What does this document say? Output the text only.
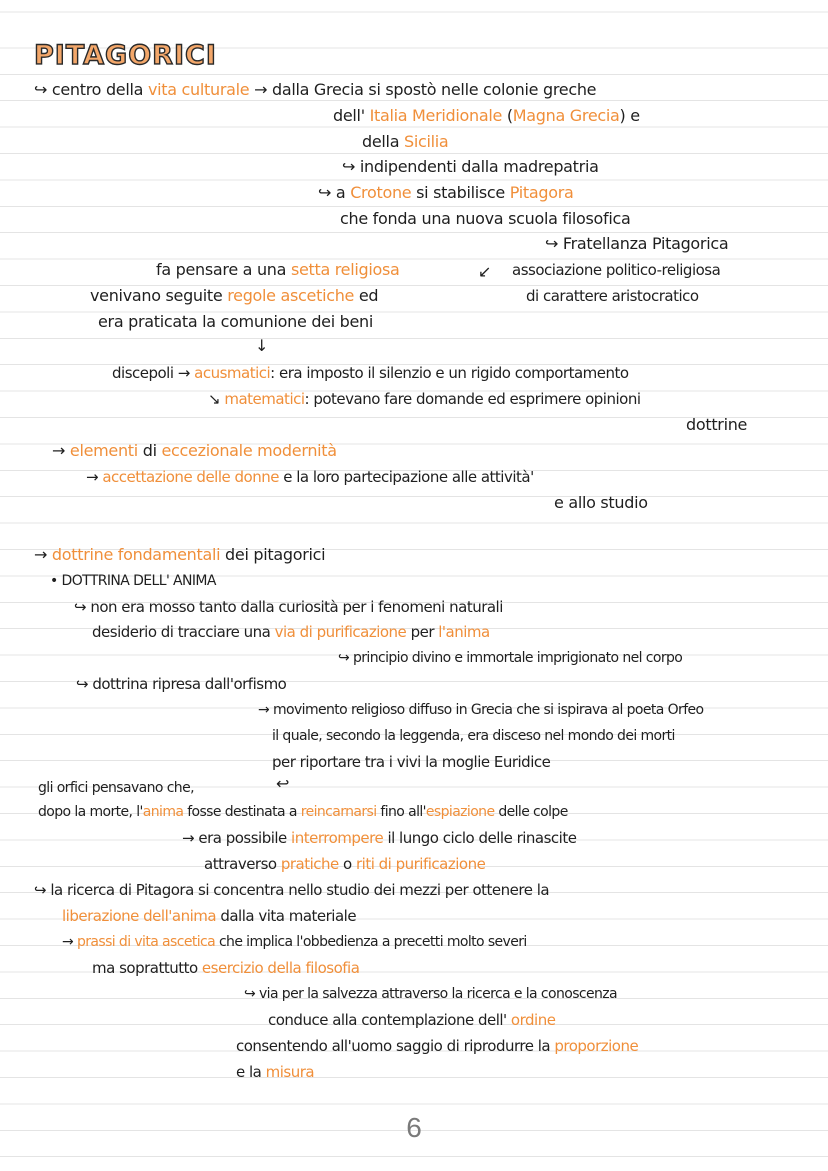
PITAGORICI
↪ centro della vita culturale → dalla Grecia si spostò nelle colonie greche
dell' Italia Meridionale (Magna Grecia) e
della Sicilia
↪ indipendenti dalla madrepatria
↪ a Crotone si stabilisce Pitagora
che fonda una nuova scuola filosofica
↪ Fratellanza Pitagorica
fa pensare a una setta religiosa	↙ associazione politico-religiosa
venivano seguite regole ascetiche ed	di carattere aristocratico
era praticata la comunione dei beni
↓
discepoli → acusmatici: era imposto il silenzio e un rigido comportamento
↘ matematici: potevano fare domande ed esprimere opinioni
dottrine
→ elementi di eccezionale modernità
→ accettazione delle donne e la loro partecipazione alle attività'
e allo studio
→ dottrine fondamentali dei pitagorici
• DOTTRINA DELL' ANIMA
↪ non era mosso tanto dalla curiosità per i fenomeni naturali
desiderio di tracciare una via di purificazione per l'anima
↪ principio divino e immortale imprigionato nel corpo
↪ dottrina ripresa dall'orfismo
→ movimento religioso diffuso in Grecia che si ispirava al poeta Orfeo
il quale, secondo la leggenda, era disceso nel mondo dei morti
per riportare tra i vivi la moglie Euridice
gli orfici pensavano che,	↩
dopo la morte, l'anima fosse destinata a reincarnarsi fino all'espiazione delle colpe
→ era possibile interrompere il lungo ciclo delle rinascite
attraverso pratiche o riti di purificazione
↪ la ricerca di Pitagora si concentra nello studio dei mezzi per ottenere la
liberazione dell'anima dalla vita materiale
→ prassi di vita ascetica che implica l'obbedienza a precetti molto severi
ma soprattutto esercizio della filosofia
↪ via per la salvezza attraverso la ricerca e la conoscenza
conduce alla contemplazione dell' ordine
consentendo all'uomo saggio di riprodurre la proporzione
e la misura
6
